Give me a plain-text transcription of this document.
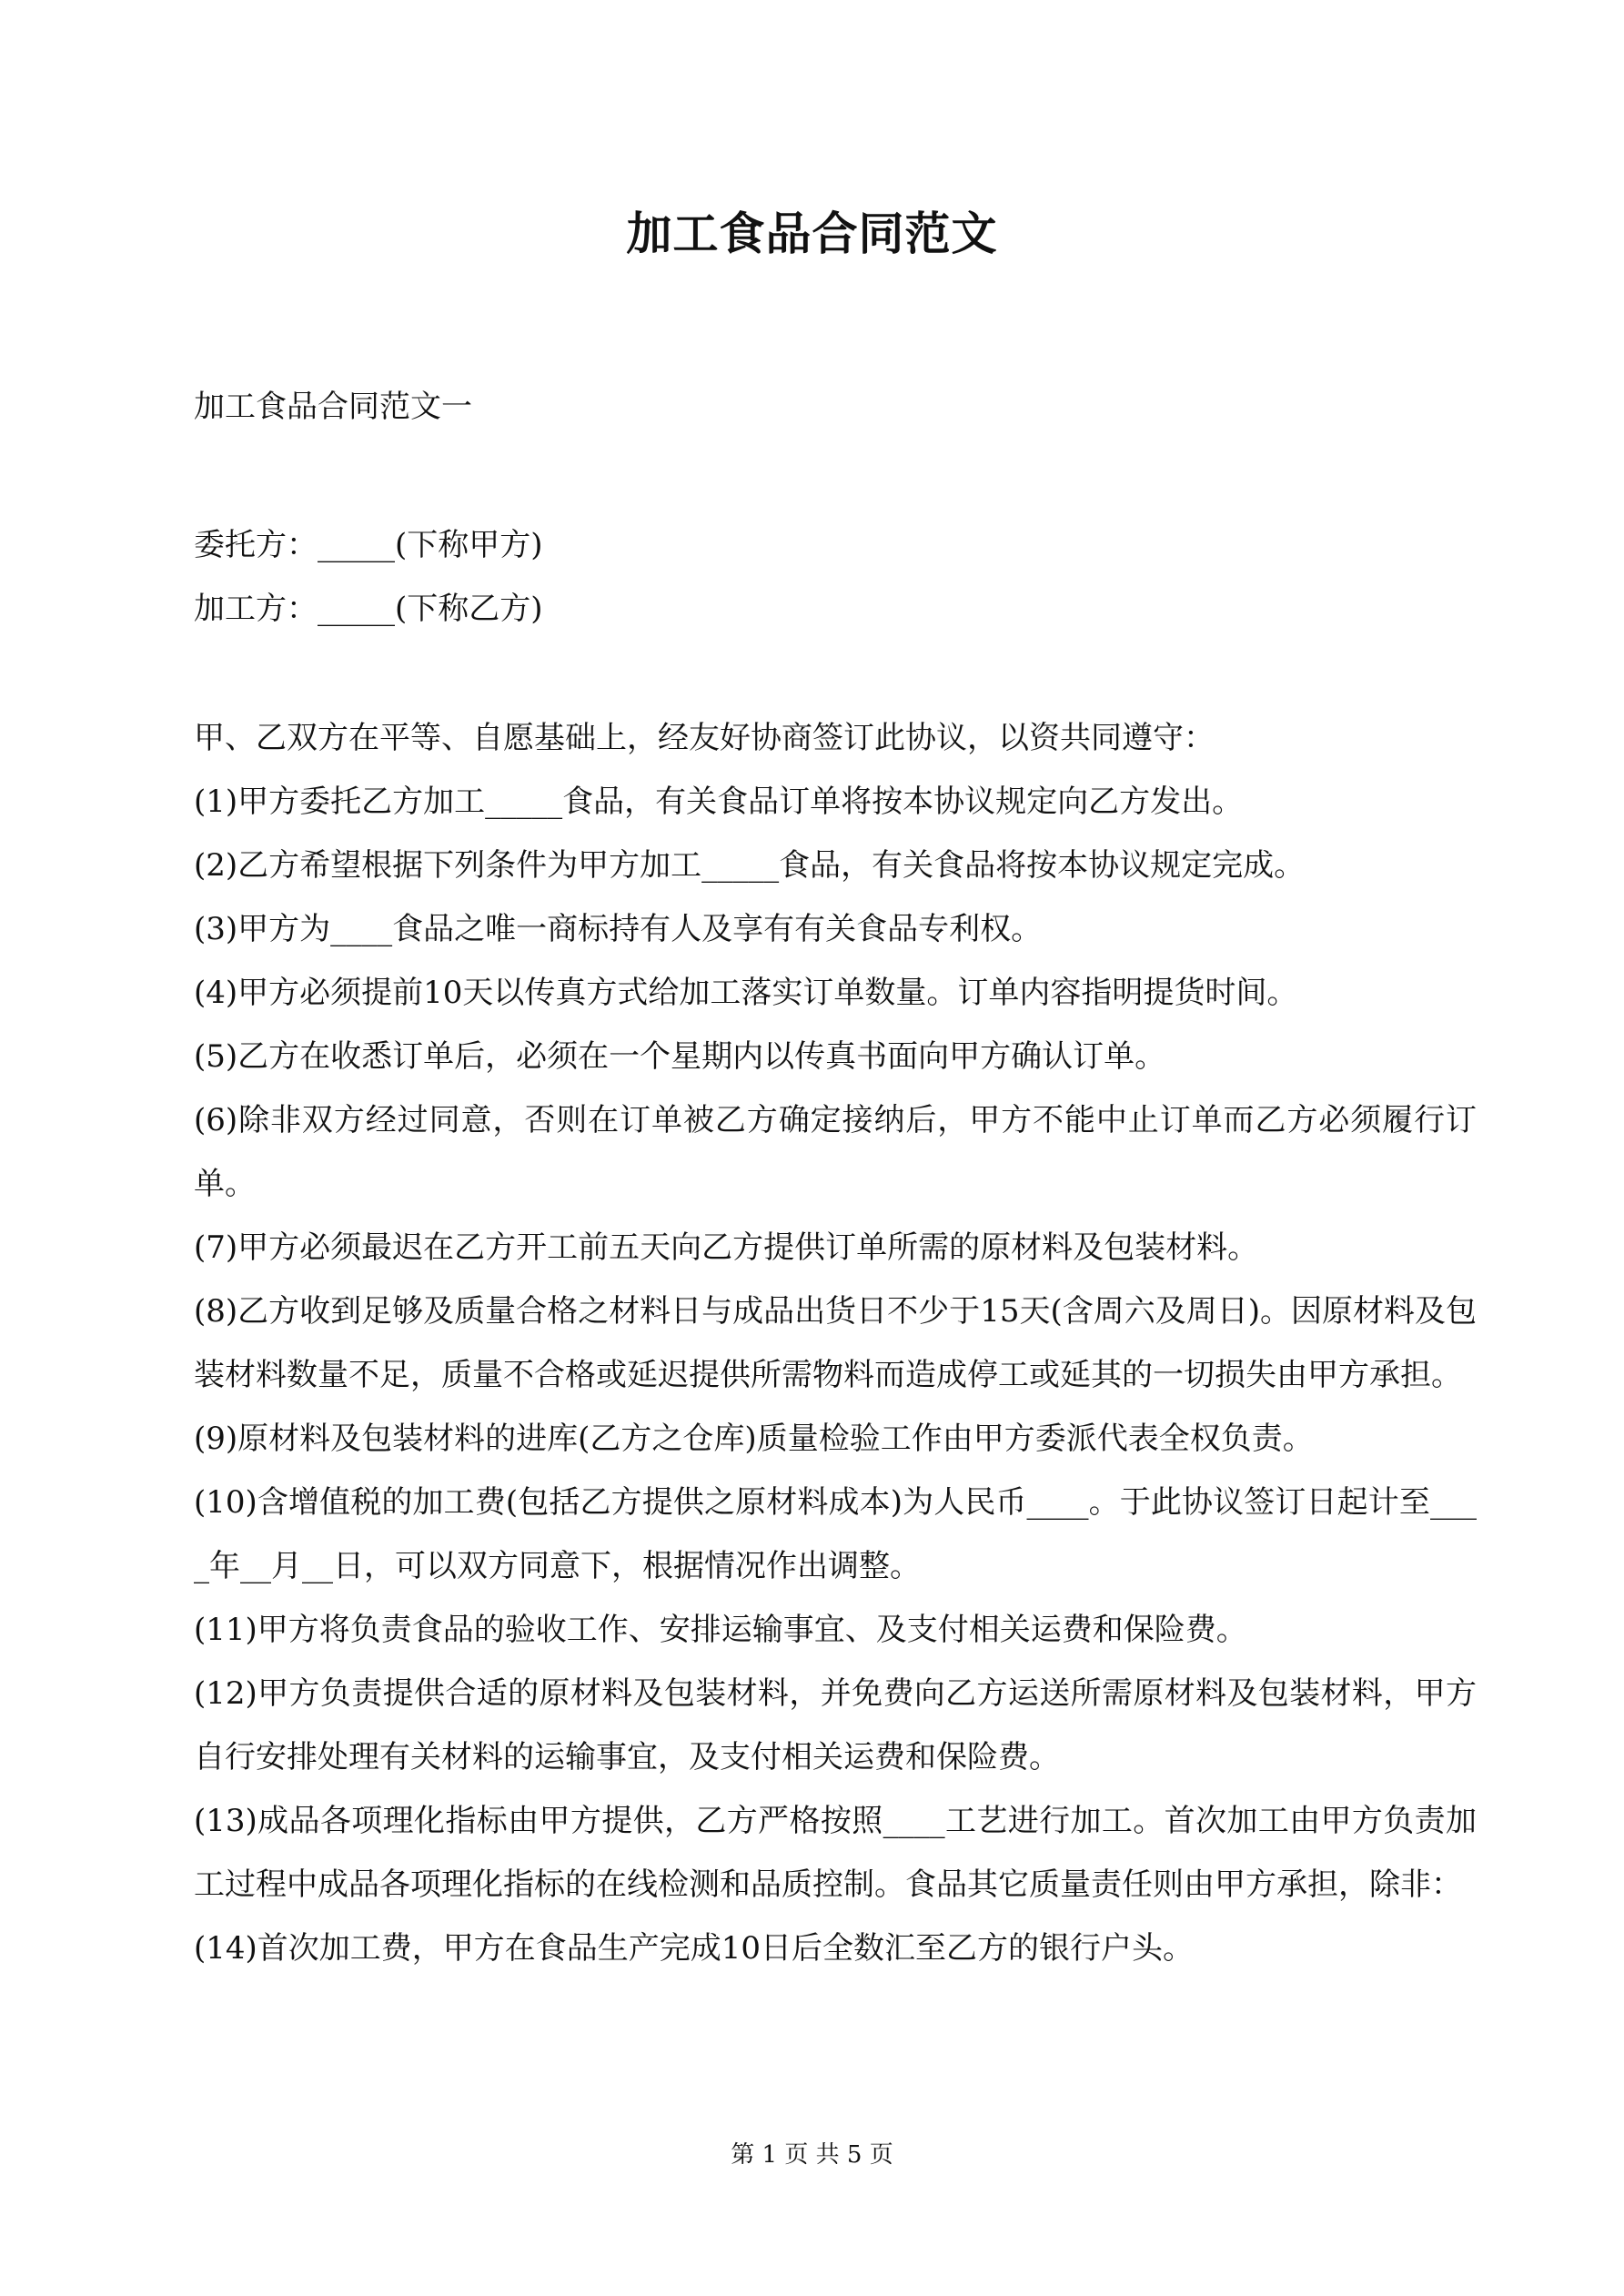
加工食品合同范文
加工食品合同范文一
委托方：_____(下称甲方)
加工方：_____(下称乙方)

甲、乙双方在平等、自愿基础上，经友好协商签订此协议，以资共同遵守：

(1)甲方委托乙方加工_____食品，有关食品订单将按本协议规定向乙方发出。

(2)乙方希望根据下列条件为甲方加工_____食品，有关食品将按本协议规定完成。

(3)甲方为____食品之唯一商标持有人及享有有关食品专利权。

(4)甲方必须提前10天以传真方式给加工落实订单数量。订单内容指明提货时间。

(5)乙方在收悉订单后，必须在一个星期内以传真书面向甲方确认订单。

(6)除非双方经过同意，否则在订单被乙方确定接纳后，甲方不能中止订单而乙方必须履行订单。

(7)甲方必须最迟在乙方开工前五天向乙方提供订单所需的原材料及包装材料。

(8)乙方收到足够及质量合格之材料日与成品出货日不少于15天(含周六及周日)。因原材料及包装材料数量不足，质量不合格或延迟提供所需物料而造成停工或延其的一切损失由甲方承担。

(9)原材料及包装材料的进库(乙方之仓库)质量检验工作由甲方委派代表全权负责。

(10)含增值税的加工费(包括乙方提供之原材料成本)为人民币____。于此协议签订日起计至____年__月__日，可以双方同意下，根据情况作出调整。

(11)甲方将负责食品的验收工作、安排运输事宜、及支付相关运费和保险费。

(12)甲方负责提供合适的原材料及包装材料，并免费向乙方运送所需原材料及包装材料，甲方自行安排处理有关材料的运输事宜，及支付相关运费和保险费。

(13)成品各项理化指标由甲方提供，乙方严格按照____工艺进行加工。首次加工由甲方负责加工过程中成品各项理化指标的在线检测和品质控制。食品其它质量责任则由甲方承担，除非：

(14)首次加工费，甲方在食品生产完成10日后全数汇至乙方的银行户头。

第 1 页 共 5 页
